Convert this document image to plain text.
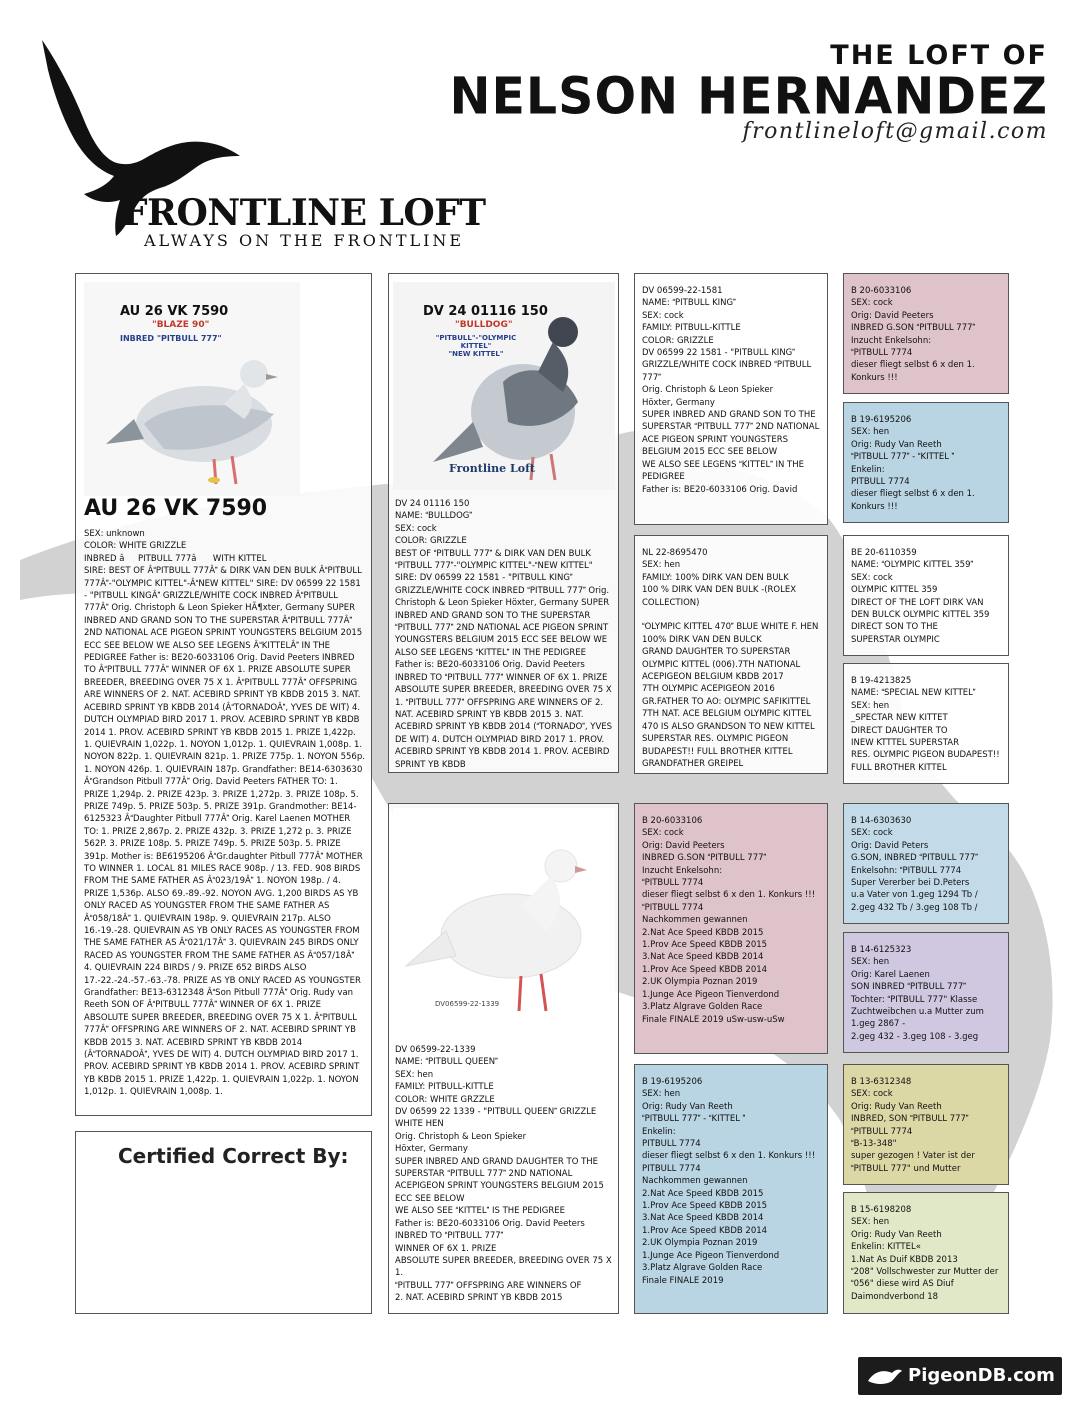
THE LOFT OF
NELSON HERNANDEZ
frontlineloft@gmail.com
FRONTLINE LOFT
ALWAYS ON THE FRONTLINE
AU 26 VK 7590
"BLAZE 90"
INBRED "PITBULL 777"
AU 26 VK 7590
SEX: unknown
COLOR: WHITE GRIZZLE
INBRED âPITBULL 777â WITH KITTEL
SIRE: BEST OF ÂPITBULL 777Â & DIRK VAN DEN BULK ÂPITBULL 777Â-"OLYMPIC KITTEL"-ÂNEW KITTEL" SIRE: DV 06599 22 1581 - "PITBULL KINGÂ GRIZZLE/WHITE COCK INBRED ÂPITBULL 777Â Orig. Christoph & Leon Spieker HÃ¶xter, Germany SUPER INBRED AND GRAND SON TO THE SUPERSTAR ÂPITBULL 777Â 2ND NATIONAL ACE PIGEON SPRINT YOUNGSTERS BELGIUM 2015 ECC SEE BELOW WE ALSO SEE LEGENS ÂKITTELÂ IN THE PEDIGREE Father is: BE20-6033106 Orig. David Peeters INBRED TO ÂPITBULL 777Â WINNER OF 6X 1. PRIZE ABSOLUTE SUPER BREEDER, BREEDING OVER 75 X 1. ÂPITBULL 777Â OFFSPRING ARE WINNERS OF 2. NAT. ACEBIRD SPRINT YB KBDB 2015 3. NAT. ACEBIRD SPRINT YB KBDB 2014 (ÂTORNADOÂ, YVES DE WIT) 4. DUTCH OLYMPIAD BIRD 2017 1. PROV. ACEBIRD SPRINT YB KBDB 2014 1. PROV. ACEBIRD SPRINT YB KBDB 2015 1. PRIZE 1,422p. 1. QUIEVRAIN 1,022p. 1. NOYON 1,012p. 1. QUIEVRAIN 1,008p. 1. NOYON 822p. 1. QUIEVRAIN 821p. 1. PRIZE 775p. 1. NOYON 556p. 1. NOYON 426p. 1. QUIEVRAIN 187p. Grandfather: BE14-6303630 ÂGrandson Pitbull 777Â Orig. David Peeters FATHER TO: 1. PRIZE 1,294p. 2. PRIZE 423p. 3. PRIZE 1,272p. 3. PRIZE 108p. 5. PRIZE 749p. 5. PRIZE 503p. 5. PRIZE 391p. Grandmother: BE14-6125323 ÂDaughter Pitbull 777Â Orig. Karel Laenen MOTHER TO: 1. PRIZE 2,867p. 2. PRIZE 432p. 3. PRIZE 1,272 p. 3. PRIZE 562P. 3. PRIZE 108p. 5. PRIZE 749p. 5. PRIZE 503p. 5. PRIZE 391p. Mother is: BE6195206 ÂGr.daughter Pitbull 777Â MOTHER TO WINNER 1. LOCAL 81 MILES RACE 908p. / 13. FED. 908 BIRDS FROM THE SAME FATHER AS Â023/19Â 1. NOYON 198p. / 4. PRIZE 1,536p. ALSO 69.-89.-92. NOYON AVG. 1,200 BIRDS AS YB ONLY RACED AS YOUNGSTER FROM THE SAME FATHER AS Â058/18Â 1. QUIEVRAIN 198p. 9. QUIEVRAIN 217p. ALSO 16.-19.-28. QUIEVRAIN AS YB ONLY RACES AS YOUNGSTER FROM THE SAME FATHER AS Â021/17Â 3. QUIEVRAIN 245 BIRDS ONLY RACED AS YOUNGSTER FROM THE SAME FATHER AS Â057/18Â 4. QUIEVRAIN 224 BIRDS / 9. PRIZE 652 BIRDS ALSO 17.-22.-24.-57.-63.-78. PRIZE AS YB ONLY RACED AS YOUNGSTER Grandfather: BE13-6312348 ÂSon Pitbull 777Â Orig. Rudy van Reeth SON OF ÂPITBULL 777Â WINNER OF 6X 1. PRIZE ABSOLUTE SUPER BREEDER, BREEDING OVER 75 X 1. ÂPITBULL 777Â OFFSPRING ARE WINNERS OF 2. NAT. ACEBIRD SPRINT YB KBDB 2015 3. NAT. ACEBIRD SPRINT YB KBDB 2014 (ÂTORNADOÂ, YVES DE WIT) 4. DUTCH OLYMPIAD BIRD 2017 1. PROV. ACEBIRD SPRINT YB KBDB 2014 1. PROV. ACEBIRD SPRINT YB KBDB 2015 1. PRIZE 1,422p. 1. QUIEVRAIN 1,022p. 1. NOYON 1,012p. 1. QUIEVRAIN 1,008p. 1.
Certified Correct By:
DV 24 01116 150
"BULLDOG"
"PITBULL"-"OLYMPIC KITTEL"
"NEW KITTEL"
Frontline Loft
DV 24 01116 150
NAME: BULLDOG
SEX: cock
COLOR: GRIZZLE
BEST OF PITBULL 777 & DIRK VAN DEN BULK PITBULL 777-"OLYMPIC KITTEL"-NEW KITTEL" SIRE: DV 06599 22 1581 - "PITBULL KING GRIZZLE/WHITE COCK INBRED PITBULL 777 Orig. Christoph & Leon Spieker Höxter, Germany SUPER INBRED AND GRAND SON TO THE SUPERSTAR PITBULL 777 2ND NATIONAL ACE PIGEON SPRINT YOUNGSTERS BELGIUM 2015 ECC SEE BELOW WE ALSO SEE LEGENS KITTEL IN THE PEDIGREE Father is: BE20-6033106 Orig. David Peeters INBRED TO PITBULL 777 WINNER OF 6X 1. PRIZE ABSOLUTE SUPER BREEDER, BREEDING OVER 75 X 1. PITBULL 777 OFFSPRING ARE WINNERS OF 2. NAT. ACEBIRD SPRINT YB KBDB 2015 3. NAT. ACEBIRD SPRINT YB KBDB 2014 (TORNADO, YVES DE WIT) 4. DUTCH OLYMPIAD BIRD 2017 1. PROV. ACEBIRD SPRINT YB KBDB 2014 1. PROV. ACEBIRD SPRINT YB KBDB
DV06599-22-1339
DV 06599-22-1339
NAME: PITBULL QUEEN
SEX: hen
FAMILY: PITBULL-KITTLE
COLOR: WHITE GRZZLE
DV 06599 22 1339 - "PITBULL QUEEN GRIZZLE WHITE HEN
Orig. Christoph & Leon Spieker
Höxter, Germany
SUPER INBRED AND GRAND DAUGHTER TO THE SUPERSTAR PITBULL 777 2ND NATIONAL ACEPIGEON SPRINT YOUNGSTERS BELGIUM 2015 ECC SEE BELOW
WE ALSO SEE KITTEL IS THE PEDIGREE
Father is: BE20-6033106 Orig. David Peeters
INBRED TO PITBULL 777
WINNER OF 6X 1. PRIZE
ABSOLUTE SUPER BREEDER, BREEDING OVER 75 X 1.
PITBULL 777 OFFSPRING ARE WINNERS OF
2. NAT. ACEBIRD SPRINT YB KBDB 2015
DV 06599-22-1581
NAME: PITBULL KING
SEX: cock
FAMILY: PITBULL-KITTLE
COLOR: GRIZZLE
DV 06599 22 1581 - "PITBULL KING GRIZZLE/WHITE COCK INBRED PITBULL 777
Orig. Christoph & Leon Spieker
Höxter, Germany
SUPER INBRED AND GRAND SON TO THE SUPERSTAR PITBULL 777 2ND NATIONAL ACE PIGEON SPRINT YOUNGSTERS BELGIUM 2015 ECC SEE BELOW
WE ALSO SEE LEGENS KITTEL IN THE PEDIGREE
Father is: BE20-6033106 Orig. David
NL 22-8695470
SEX: hen
FAMILY: 100% DIRK VAN DEN BULK
100 % DIRK VAN DEN BULK -(ROLEX COLLECTION)

OLYMPIC KITTEL 470 BLUE WHITE F. HEN  100% DIRK VAN DEN BULCK
GRAND DAUGHTER TO SUPERSTAR OLYMPIC KITTEL (006).7TH NATIONAL ACEPIGEON BELGIUM KBDB 2017
7TH OLYMPIC ACEPIGEON 2016
GR.FATHER TO AO: OLYMPIC SAFIKITTEL
7TH NAT. ACE BELGIUM OLYMPIC KITTEL 470 IS ALSO GRANDSON TO NEW KITTEL SUPERSTAR RES. OLYMPIC PIGEON BUDAPEST!! FULL BROTHER KITTEL GRANDFATHER GREIPEL
B 20-6033106
SEX: cock
Orig: David Peeters
INBRED G.SON PITBULL 777
Inzucht Enkelsohn:
PITBULL 7774
dieser fliegt selbst 6 x den 1. Konkurs !!!
PITBULL 7774
Nachkommen gewannen
2.Nat Ace Speed KBDB 2015
1.Prov Ace Speed KBDB 2015
3.Nat Ace Speed KBDB 2014
1.Prov Ace Speed KBDB 2014
2.UK Olympia Poznan 2019
1.Junge Ace Pigeon Tienverdond
3.Platz Algrave Golden Race
Finale FINALE 2019 uSw-usw-uSw
B 19-6195206
SEX: hen
Orig: Rudy Van Reeth
PITBULL 777 - KITTEL 
Enkelin:
PITBULL 7774
dieser fliegt selbst 6 x den 1. Konkurs !!!
PITBULL 7774
Nachkommen gewannen
2.Nat Ace Speed KBDB 2015
1.Prov Ace Speed KBDB 2015
3.Nat Ace Speed KBDB 2014
1.Prov Ace Speed KBDB 2014
2.UK Olympia Poznan 2019
1.Junge Ace Pigeon Tienverdond
3.Platz Algrave Golden Race
Finale FINALE 2019
B 20-6033106
SEX: cock
Orig: David Peeters
INBRED G.SON PITBULL 777
Inzucht Enkelsohn:
PITBULL 7774
dieser fliegt selbst 6 x den 1. Konkurs !!!
B 19-6195206
SEX: hen
Orig: Rudy Van Reeth
PITBULL 777 - KITTEL 
Enkelin:
PITBULL 7774
dieser fliegt selbst 6 x den 1. Konkurs !!!
BE 20-6110359
NAME: OLYMPIC KITTEL 359
SEX: cock
OLYMPIC KITTEL 359
DIRECT OF THE LOFT DIRK VAN DEN BULCK OLYMPIC KITTEL 359
DIRECT SON TO THE
SUPERSTAR OLYMPIC
B 19-4213825
NAME: SPECIAL NEW KITTEL
SEX: hen
_SPECTAR NEW KITTET
DIRECT DAUGHTER TO
INEW KTTTEL SUPERSTAR
RES. OLYMPIC PIGEON BUDAPEST!!
FULL BROTHER KITTEL
B 14-6303630
SEX: cock
Orig: David Peters
G.SON, INBRED PITBULL 777
Enkelsohn: PITBULL 7774
Super Vererber bei D.Peters
u.a Vater von 1.geg 1294 Tb /
2.geg 432 Tb / 3.geg 108 Tb /
B 14-6125323
SEX: hen
Orig: Karel Laenen
SON INBRED PITBULL 777
Tochter: PITBULL 777" Klasse Zuchtweibchen u.a Mutter zum 1.geg 2867 -
2.geg 432 - 3.geg 108 - 3.geg
B 13-6312348
SEX: cock
Orig: Rudy Van Reeth
INBRED, SON PITBULL 777
PITBULL 7774
B-13-348"
super gezogen ! Vater ist der PITBULL 777" und Mutter
B 15-6198208
SEX: hen
Orig: Rudy Van Reeth
Enkelin: KITTEL«
1.Nat As Duif KBDB 2013
208" Vollschwester zur Mutter der 056" diese wird AS Diuf Daimondverbond 18
PigeonDB.com
